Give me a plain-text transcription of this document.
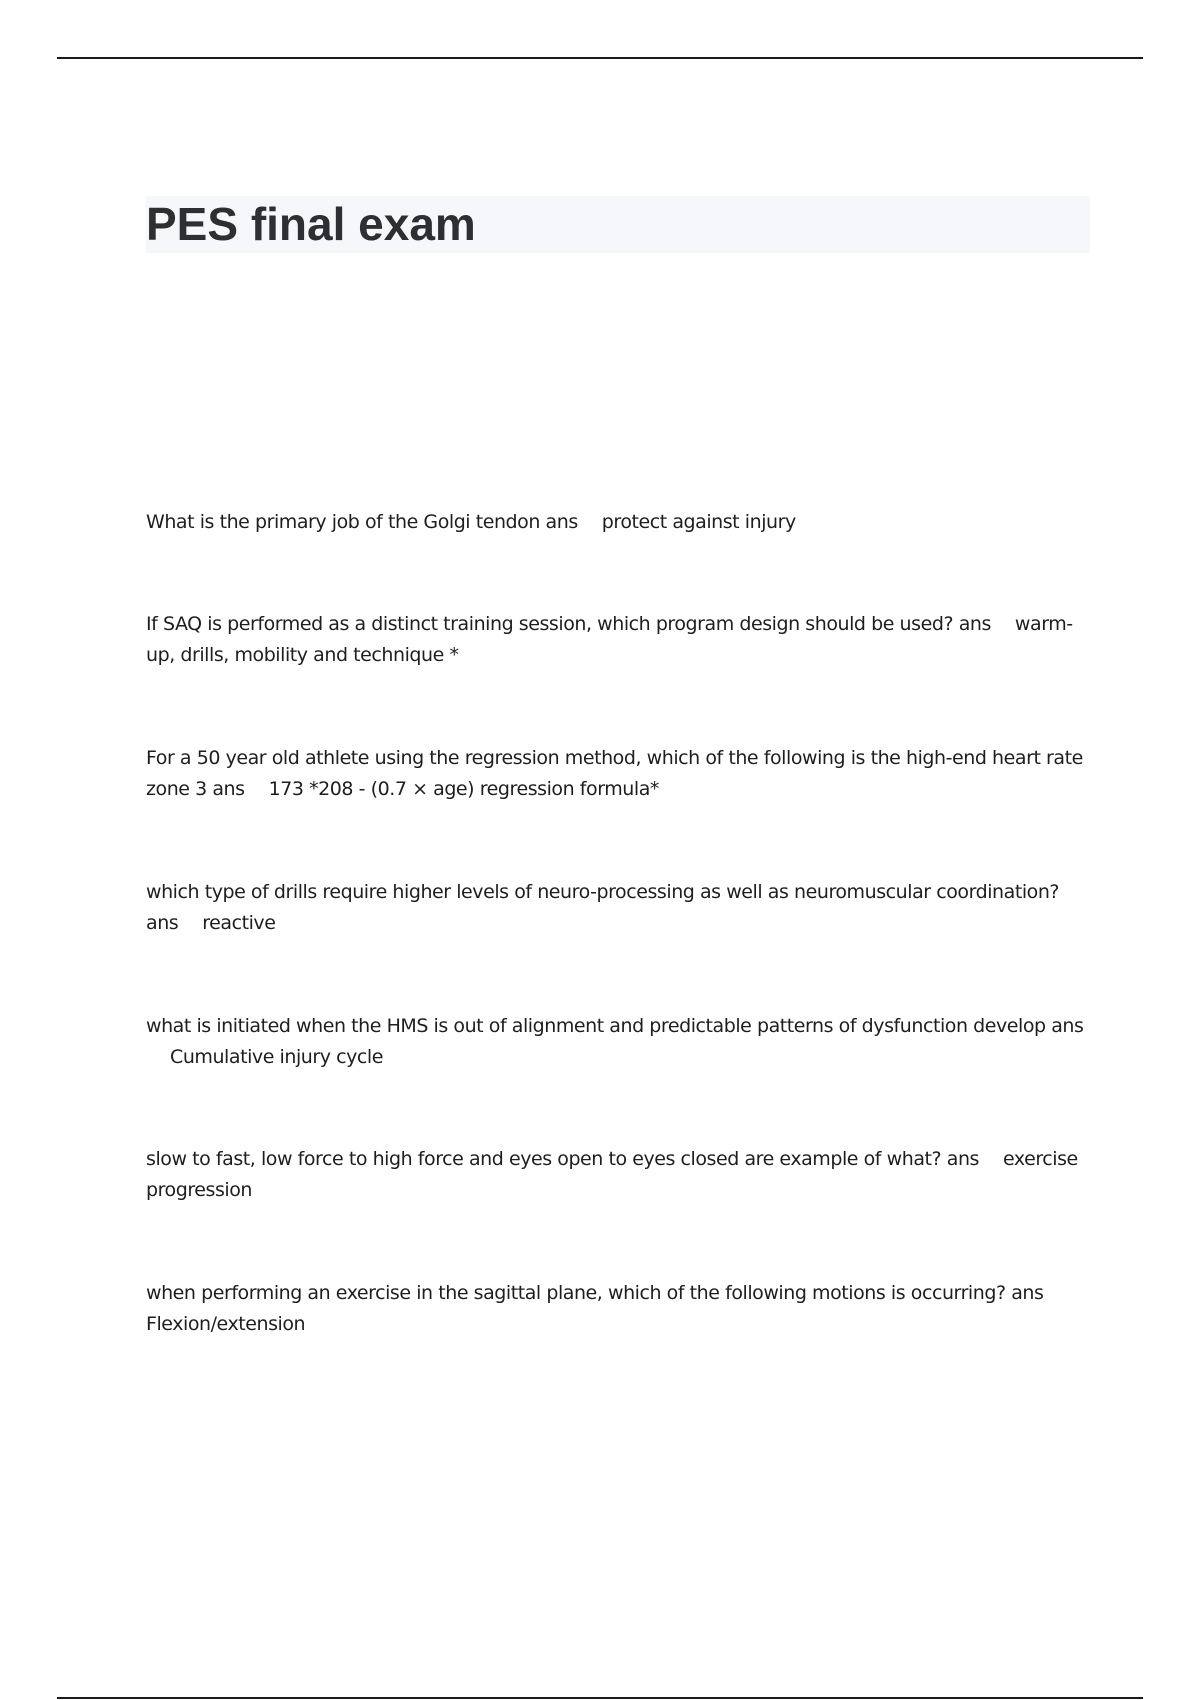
PES final exam
What is the primary job of the Golgi tendon ans protect against injury
If SAQ is performed as a distinct training session, which program design should be used? ans warm-up, drills, mobility and technique *
For a 50 year old athlete using the regression method, which of the following is the high-end heart rate zone 3 ans 173 *208 - (0.7 × age) regression formula*
which type of drills require higher levels of neuro-processing as well as neuromuscular coordination? ans reactive
what is initiated when the HMS is out of alignment and predictable patterns of dysfunction develop ansCumulative injury cycle
slow to fast, low force to high force and eyes open to eyes closed are example of what? ans exercise progression
when performing an exercise in the sagittal plane, which of the following motions is occurring? ansFlexion/extension
